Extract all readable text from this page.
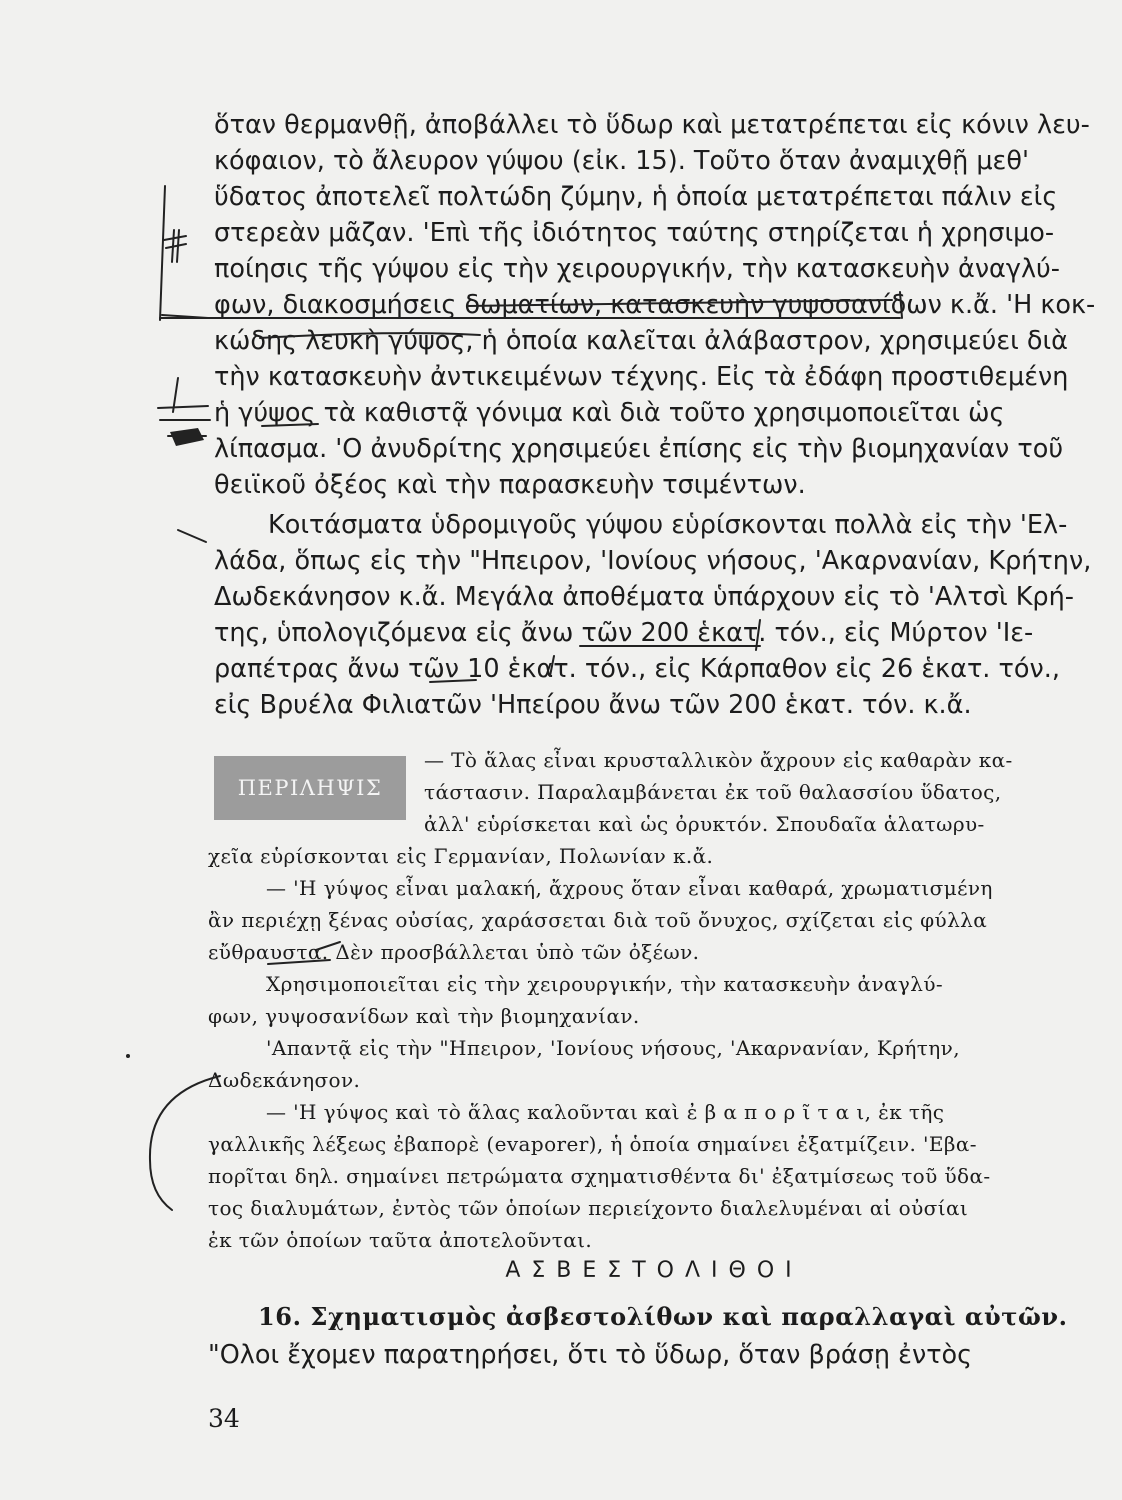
ὅταν θερμανθῇ, ἀποβάλλει τὸ ὕδωρ καὶ μετατρέπεται εἰς κόνιν λευ-
κόφαιον, τὸ ἄλευρον γύψου (εἰκ. 15). Τοῦτο ὅταν ἀναμιχθῇ μεθ'
ὕδατος ἀποτελεῖ πολτώδη ζύμην, ἡ ὁποία μετατρέπεται πάλιν εἰς
στερεὰν μᾶζαν. 'Επὶ τῆς ἰδιότητος ταύτης στηρίζεται ἡ χρησιμο-
ποίησις τῆς γύψου εἰς τὴν χειρουργικήν, τὴν κατασκευὴν ἀναγλύ-
φων, διακοσμήσεις δωματίων, κατασκευὴν γυψοσανίδων κ.ἄ. 'Η κοκ-
κώδης λευκὴ γύψος, ἡ ὁποία καλεῖται ἀλάβαστρον, χρησιμεύει διὰ
τὴν κατασκευὴν ἀντικειμένων τέχνης. Εἰς τὰ ἐδάφη προστιθεμένη
ἡ γύψος τὰ καθιστᾷ γόνιμα καὶ διὰ τοῦτο χρησιμοποιεῖται ὡς
λίπασμα. 'Ο ἀνυδρίτης χρησιμεύει ἐπίσης εἰς τὴν βιομηχανίαν τοῦ
θειϊκοῦ ὀξέος καὶ τὴν παρασκευὴν τσιμέντων.
Κοιτάσματα ὑδρομιγοῦς γύψου εὑρίσκονται πολλὰ εἰς τὴν 'Ελ-
λάδα, ὅπως εἰς τὴν "Ηπειρον, 'Ιονίους νήσους, 'Ακαρνανίαν, Κρήτην,
Δωδεκάνησον κ.ἄ. Μεγάλα ἀποθέματα ὑπάρχουν εἰς τὸ 'Αλτσὶ Κρή-
της, ὑπολογιζόμενα εἰς ἄνω τῶν 200 ἑκατ. τόν., εἰς Μύρτον 'Ιε-
ραπέτρας ἄνω τῶν 10 ἑκατ. τόν., εἰς Κάρπαθον εἰς 26 ἑκατ. τόν.,
εἰς Βρυέλα Φιλιατῶν 'Ηπείρου ἄνω τῶν 200 ἑκατ. τόν. κ.ἄ.
ΠΕΡΙΛΗΨΙΣ
— Τὸ ἅλας εἶναι κρυσταλλικὸν ἄχρουν εἰς καθαρὰν κα-
τάστασιν. Παραλαμβάνεται ἐκ τοῦ θαλασσίου ὕδατος,
ἀλλ' εὑρίσκεται καὶ ὡς ὀρυκτόν. Σπουδαῖα ἁλατωρυ-
χεῖα εὑρίσκονται εἰς Γερμανίαν, Πολωνίαν κ.ἄ.
— 'Η γύψος εἶναι μαλακή, ἄχρους ὅταν εἶναι καθαρά, χρωματισμένη
ἂν περιέχῃ ξένας οὐσίας, χαράσσεται διὰ τοῦ ὄνυχος, σχίζεται εἰς φύλλα
εὔθραυστα. Δὲν προσβάλλεται ὑπὸ τῶν ὀξέων.
Χρησιμοποιεῖται εἰς τὴν χειρουργικήν, τὴν κατασκευὴν ἀναγλύ-
φων, γυψοσανίδων καὶ τὴν βιομηχανίαν.
'Απαντᾷ εἰς τὴν "Ηπειρον, 'Ιονίους νήσους, 'Ακαρνανίαν, Κρήτην,
Δωδεκάνησον.
— 'Η γύψος καὶ τὸ ἅλας καλοῦνται καὶ ἐ β α π ο ρ ῖ τ α ι, ἐκ τῆς
γαλλικῆς λέξεως ἐβαπορὲ (evaporer), ἡ ὁποία σημαίνει ἐξατμίζειν. 'Εβα-
πορῖται δηλ. σημαίνει πετρώματα σχηματισθέντα δι' ἐξατμίσεως τοῦ ὕδα-
τος διαλυμάτων, ἐντὸς τῶν ὁποίων περιείχοντο διαλελυμέναι αἱ οὐσίαι
ἐκ τῶν ὁποίων ταῦτα ἀποτελοῦνται.
ΑΣΒΕΣΤΟΛΙΘΟΙ
16. Σχηματισμὸς ἀσβεστολίθων καὶ παραλλαγαὶ αὐτῶν.
"Ολοι ἔχομεν παρατηρήσει, ὅτι τὸ ὕδωρ, ὅταν βράσῃ ἐντὸς
34
